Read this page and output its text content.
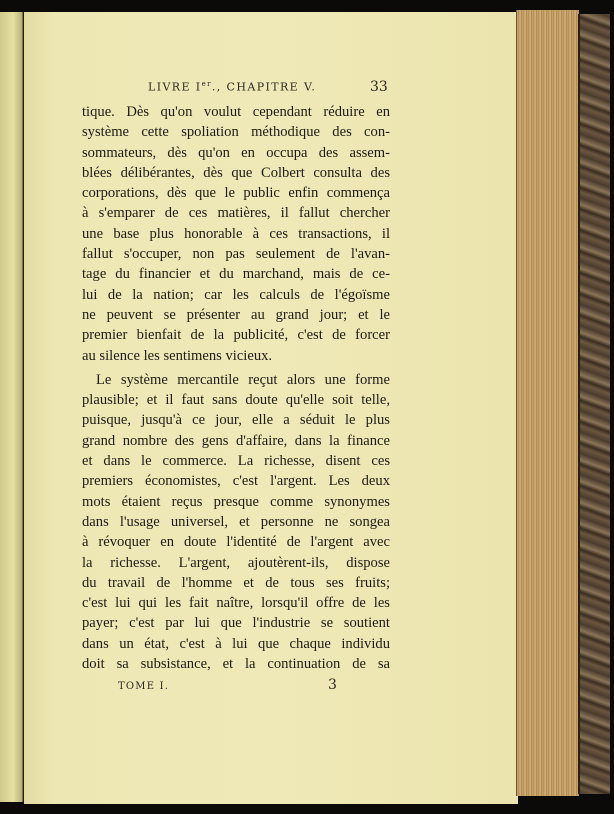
LIVRE Ier., CHAPITRE V.	33
tique. Dès qu'on voulut cependant réduire en
système cette spoliation méthodique des con-
sommateurs, dès qu'on en occupa des assem-
blées délibérantes, dès que Colbert consulta des
corporations, dès que le public enfin commença
à s'emparer de ces matières, il fallut chercher
une base plus honorable à ces transactions, il
fallut s'occuper, non pas seulement de l'avan-
tage du financier et du marchand, mais de ce-
lui de la nation; car les calculs de l'égoïsme
ne peuvent se présenter au grand jour; et le
premier bienfait de la publicité, c'est de forcer
au silence les sentimens vicieux.
Le système mercantile reçut alors une forme
plausible; et il faut sans doute qu'elle soit telle,
puisque, jusqu'à ce jour, elle a séduit le plus
grand nombre des gens d'affaire, dans la finance
et dans le commerce. La richesse, disent ces
premiers économistes, c'est l'argent. Les deux
mots étaient reçus presque comme synonymes
dans l'usage universel, et personne ne songea
à révoquer en doute l'identité de l'argent avec
la richesse. L'argent, ajoutèrent-ils, dispose
du travail de l'homme et de tous ses fruits;
c'est lui qui les fait naître, lorsqu'il offre de les
payer; c'est par lui que l'industrie se soutient
dans un état, c'est à lui que chaque individu
doit sa subsistance, et la continuation de sa
TOME I.	3
